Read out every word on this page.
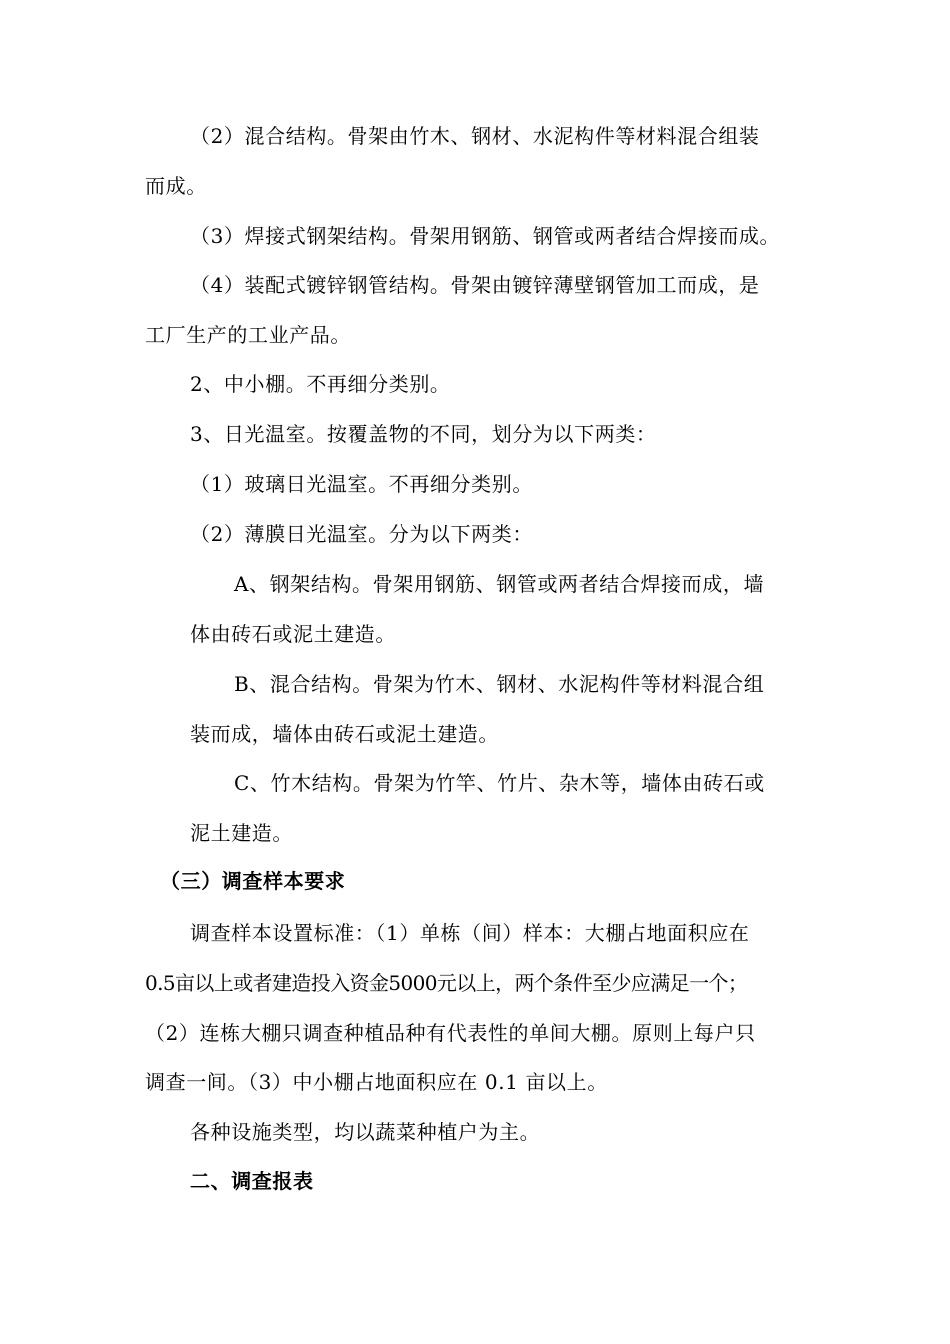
（2）混合结构。骨架由竹木、钢材、水泥构件等材料混合组装
而成。
（3）焊接式钢架结构。骨架用钢筋、钢管或两者结合焊接而成。
（4）装配式镀锌钢管结构。骨架由镀锌薄壁钢管加工而成，是
工厂生产的工业产品。
2、中小棚。不再细分类别。
3、日光温室。按覆盖物的不同，划分为以下两类：
（1）玻璃日光温室。不再细分类别。
（2）薄膜日光温室。分为以下两类：
A、钢架结构。骨架用钢筋、钢管或两者结合焊接而成，墙
体由砖石或泥土建造。
B、混合结构。骨架为竹木、钢材、水泥构件等材料混合组
装而成，墙体由砖石或泥土建造。
C、竹木结构。骨架为竹竿、竹片、杂木等，墙体由砖石或
泥土建造。
（三）调查样本要求
调查样本设置标准：（1）单栋（间）样本：大棚占地面积应在
0.5亩以上或者建造投入资金5000元以上，两个条件至少应满足一个；
（2）连栋大棚只调查种植品种有代表性的单间大棚。原则上每户只
调查一间。（3）中小棚占地面积应在 0.1 亩以上。
各种设施类型，均以蔬菜种植户为主。
二、调查报表
